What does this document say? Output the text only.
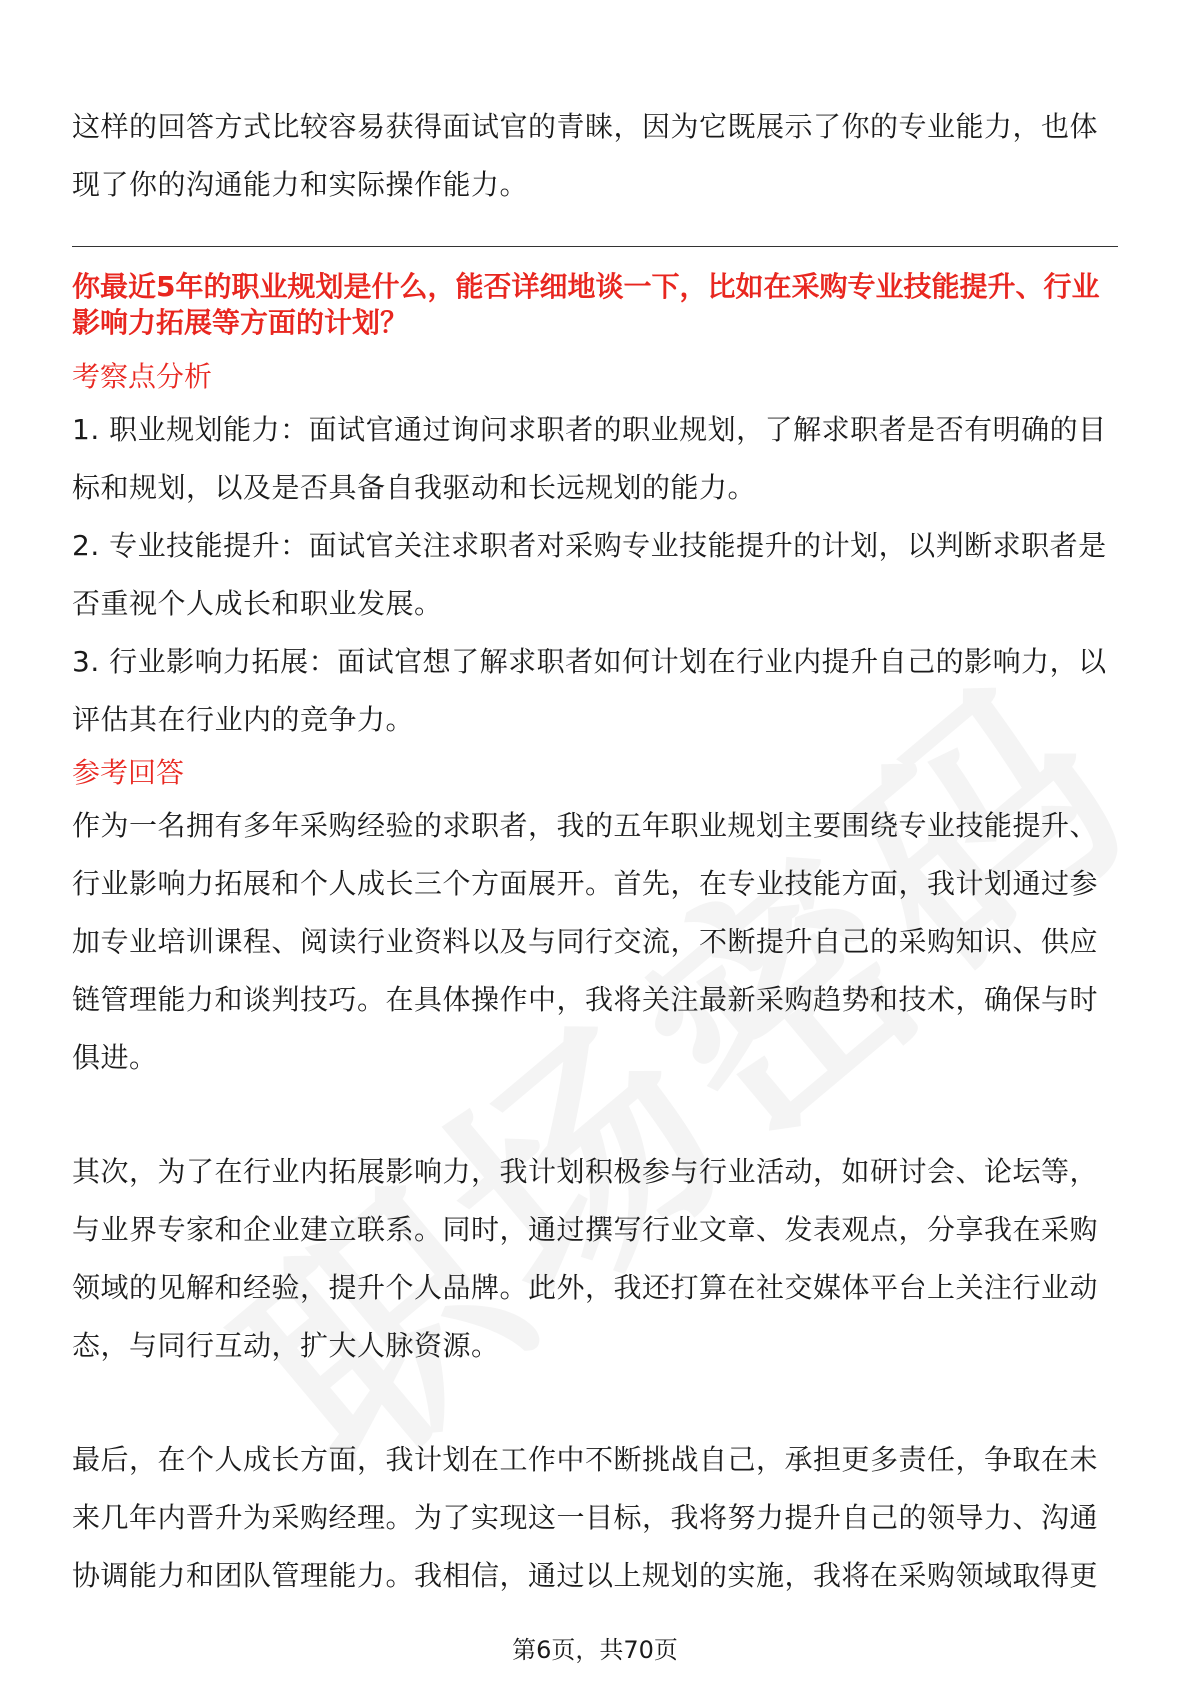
这样的回答方式比较容易获得面试官的青睐，因为它既展示了你的专业能力，也体现了你的沟通能力和实际操作能力。

你最近5年的职业规划是什么，能否详细地谈一下，比如在采购专业技能提升、行业影响力拓展等方面的计划？

考察点分析

1. 职业规划能力：面试官通过询问求职者的职业规划，了解求职者是否有明确的目标和规划，以及是否具备自我驱动和长远规划的能力。

2. 专业技能提升：面试官关注求职者对采购专业技能提升的计划，以判断求职者是否重视个人成长和职业发展。

3. 行业影响力拓展：面试官想了解求职者如何计划在行业内提升自己的影响力，以评估其在行业内的竞争力。

参考回答

作为一名拥有多年采购经验的求职者，我的五年职业规划主要围绕专业技能提升、行业影响力拓展和个人成长三个方面展开。首先，在专业技能方面，我计划通过参加专业培训课程、阅读行业资料以及与同行交流，不断提升自己的采购知识、供应链管理能力和谈判技巧。在具体操作中，我将关注最新采购趋势和技术，确保与时俱进。

其次，为了在行业内拓展影响力，我计划积极参与行业活动，如研讨会、论坛等，与业界专家和企业建立联系。同时，通过撰写行业文章、发表观点，分享我在采购领域的见解和经验，提升个人品牌。此外，我还打算在社交媒体平台上关注行业动态，与同行互动，扩大人脉资源。

最后，在个人成长方面，我计划在工作中不断挑战自己，承担更多责任，争取在未来几年内晋升为采购经理。为了实现这一目标，我将努力提升自己的领导力、沟通协调能力和团队管理能力。我相信，通过以上规划的实施，我将在采购领域取得更

第6页，共70页
